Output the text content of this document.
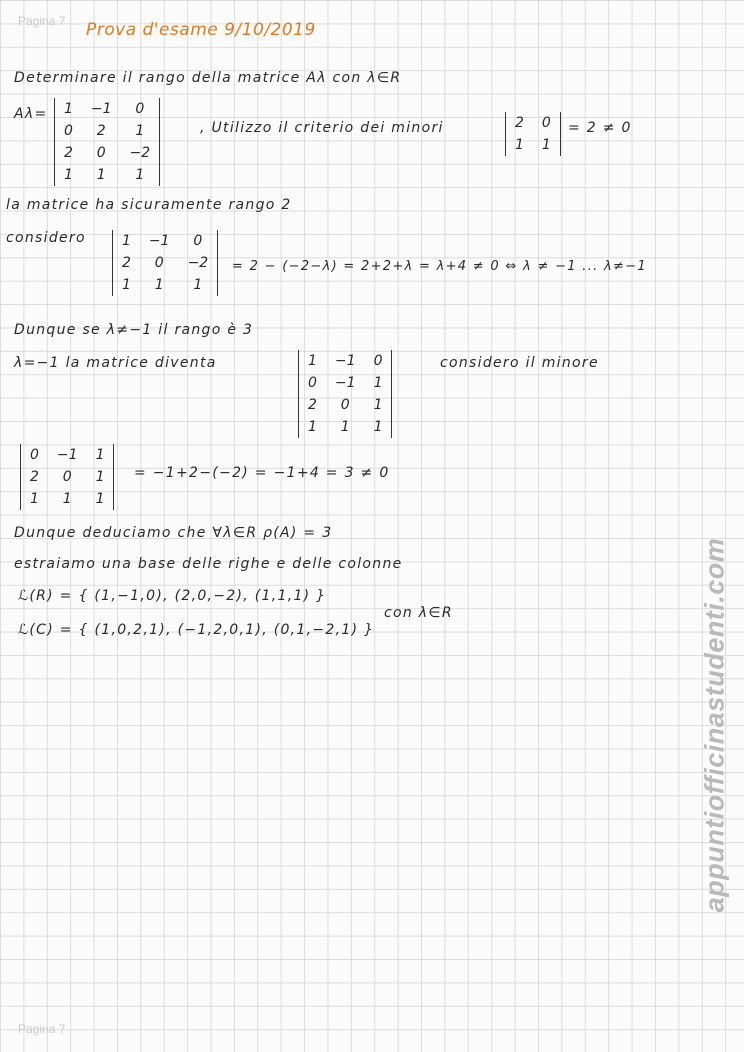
Pagina 7 Prova d'esame 9/10/2019
Determinare il rango della matrice Aλ con λ∈R
Aλ= 1	−1	0
0	2	1
2	0	−2
1	1	1
, Utilizzo il criterio dei minori	2	0
1	1
= 2 ≠ 0
la matrice ha sicuramente rango 2
considero	1	−1	0
2	0	−2
1	1	1
= 2 − (−2−λ) = 2+2+λ = λ+4 ≠ 0 ⇔ λ ≠ −1 ... λ≠−1
Dunque se λ≠−1 il rango è 3
λ=−1 la matrice diventa	1	−1	0
0	−1	1
2	0	1
1	1	1
considero il minore
0	−1	1
2	0	1
1	1	1
= −1+2−(−2) = −1+4 = 3 ≠ 0
Dunque deduciamo che ∀λ∈R ρ(A) = 3
estraiamo una base delle righe e delle colonne
ℒ(R) = { (1,−1,0), (2,0,−2), (1,1,1) }
ℒ(C) = { (1,0,2,1), (−1,2,0,1), (0,1,−2,1) }
con λ∈R	appuntiofficinastudenti.com
Pagina 7
